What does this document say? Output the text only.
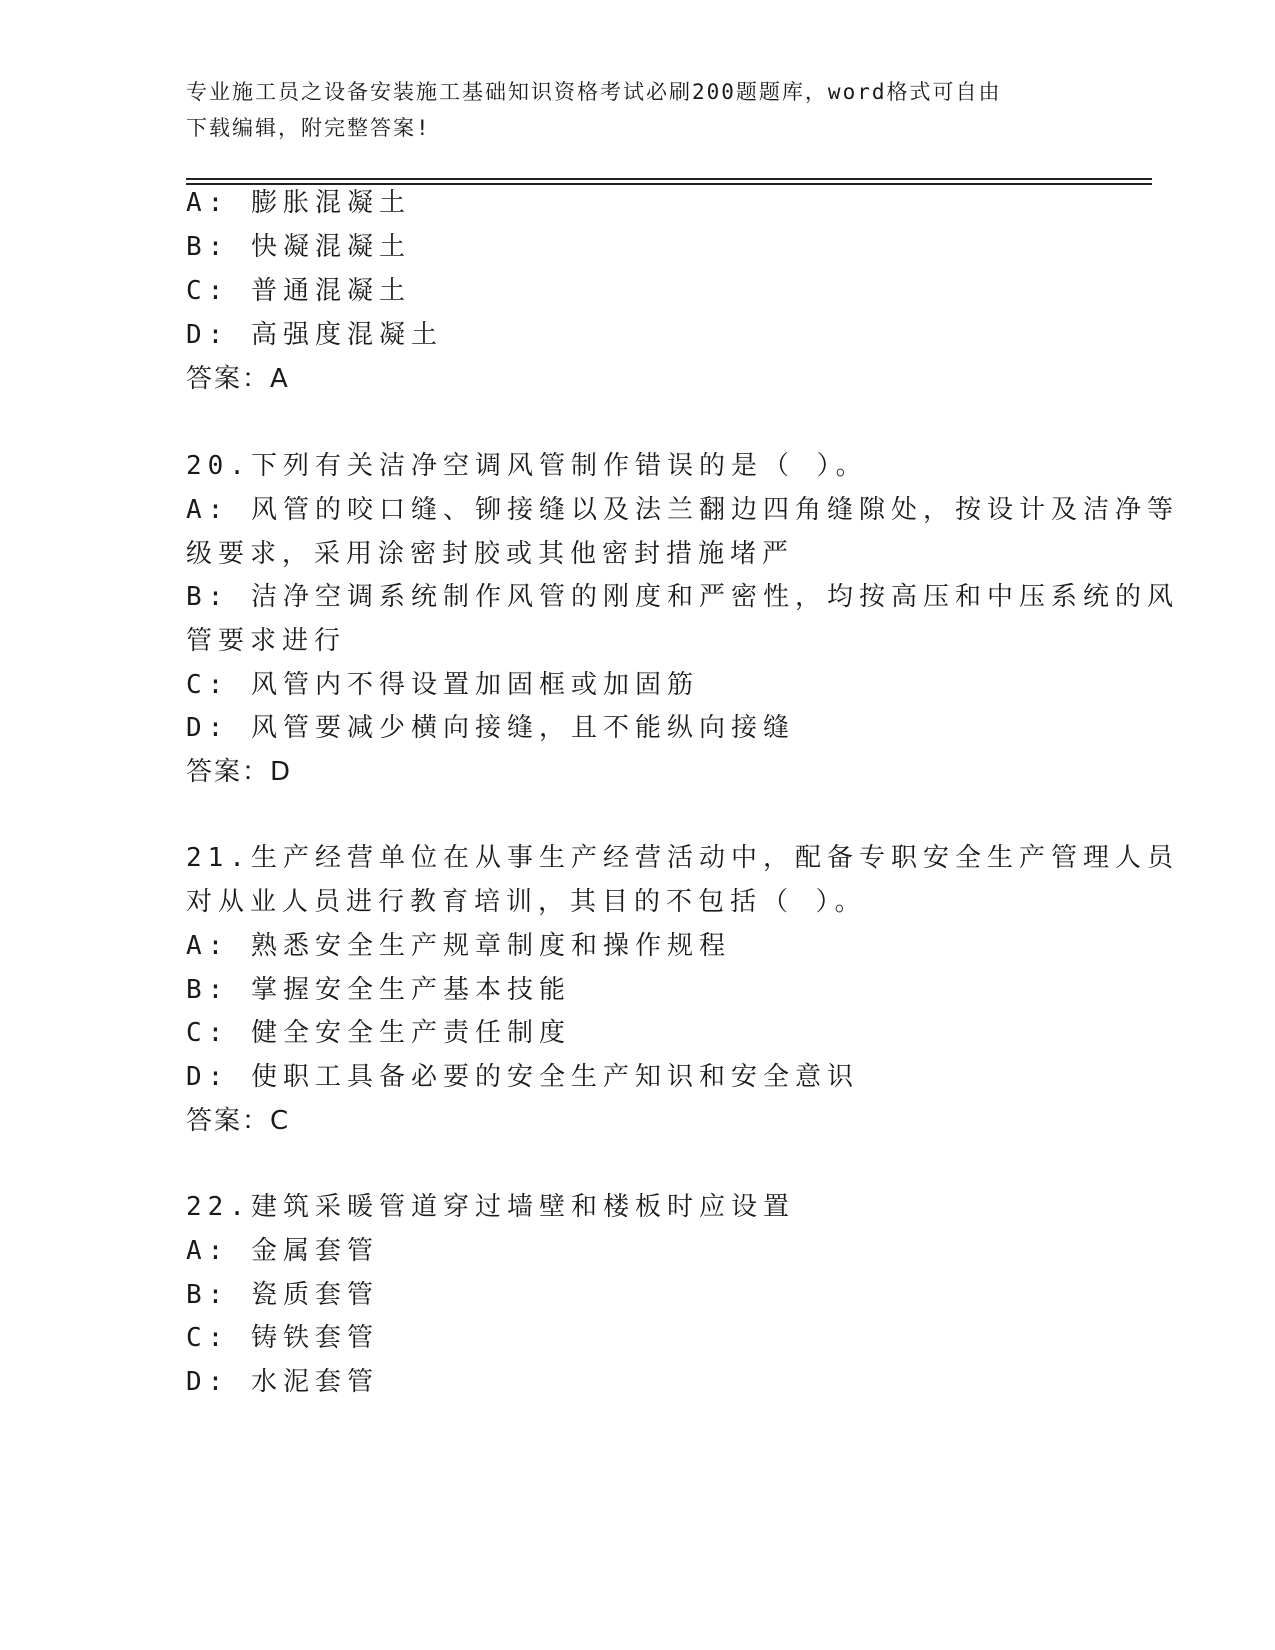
专业施工员之设备安装施工基础知识资格考试必刷200题题库，word格式可自由
下载编辑，附完整答案!
A: 膨胀混凝土
B: 快凝混凝土
C: 普通混凝土
D: 高强度混凝土
答案：A
20.下列有关洁净空调风管制作错误的是（ ）。
A: 风管的咬口缝、铆接缝以及法兰翻边四角缝隙处，按设计及洁净等
级要求，采用涂密封胶或其他密封措施堵严
B: 洁净空调系统制作风管的刚度和严密性，均按高压和中压系统的风
管要求进行
C: 风管内不得设置加固框或加固筋
D: 风管要减少横向接缝，且不能纵向接缝
答案：D
21.生产经营单位在从事生产经营活动中，配备专职安全生产管理人员
对从业人员进行教育培训，其目的不包括（ ）。
A: 熟悉安全生产规章制度和操作规程
B: 掌握安全生产基本技能
C: 健全安全生产责任制度
D: 使职工具备必要的安全生产知识和安全意识
答案：C
22.建筑采暖管道穿过墙壁和楼板时应设置
A: 金属套管
B: 瓷质套管
C: 铸铁套管
D: 水泥套管
